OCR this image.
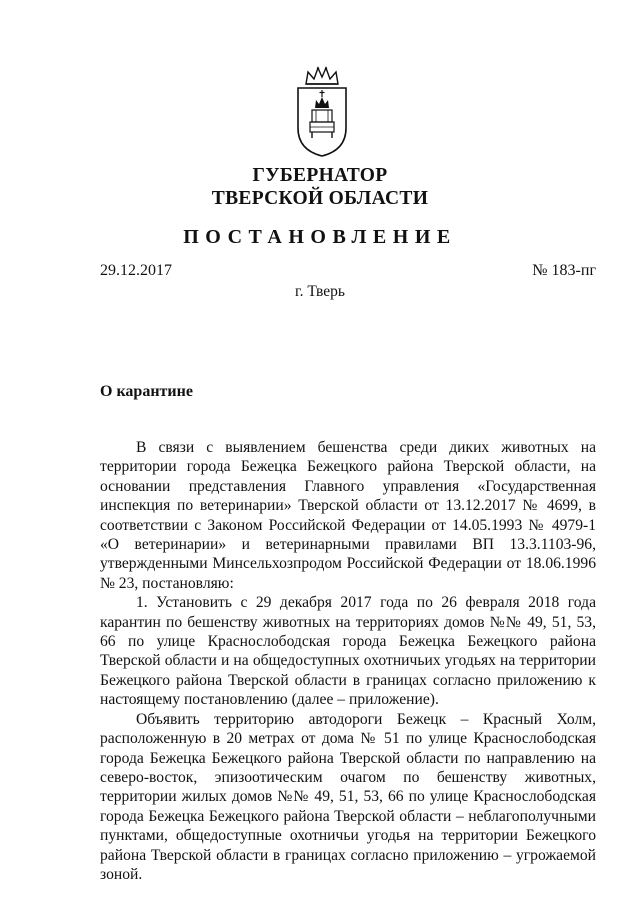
ГУБЕРНАТОР
ТВЕРСКОЙ ОБЛАСТИ
ПОСТАНОВЛЕНИЕ
29.12.2017	№ 183-пг
г. Тверь
О карантине

В связи с выявлением бешенства среди диких животных на территории города Бежецка Бежецкого района Тверской области, на основании представления Главного управления «Государственная инспекция по ветеринарии» Тверской области от 13.12.2017 № 4699, в соответствии с Законом Российской Федерации от 14.05.1993 № 4979-1 «О ветеринарии» и ветеринарными правилами ВП 13.3.1103-96, утвержденными Минсельхозпродом Российской Федерации от 18.06.1996 № 23, постановляю:

1. Установить с 29 декабря 2017 года по 26 февраля 2018 года карантин по бешенству животных на территориях домов №№ 49, 51, 53, 66 по улице Краснослободская города Бежецка Бежецкого района Тверской области и на общедоступных охотничьих угодьях на территории Бежецкого района Тверской области в границах согласно приложению к настоящему постановлению (далее – приложение).

Объявить территорию автодороги Бежецк – Красный Холм, расположенную в 20 метрах от дома № 51 по улице Краснослободская города Бежецка Бежецкого района Тверской области по направлению на северо-восток, эпизоотическим очагом по бешенству животных, территории жилых домов №№ 49, 51, 53, 66 по улице Краснослободская города Бежецка Бежецкого района Тверской области – неблагополучными пунктами, общедоступные охотничьи угодья на территории Бежецкого района Тверской области в границах согласно приложению – угрожаемой зоной.
